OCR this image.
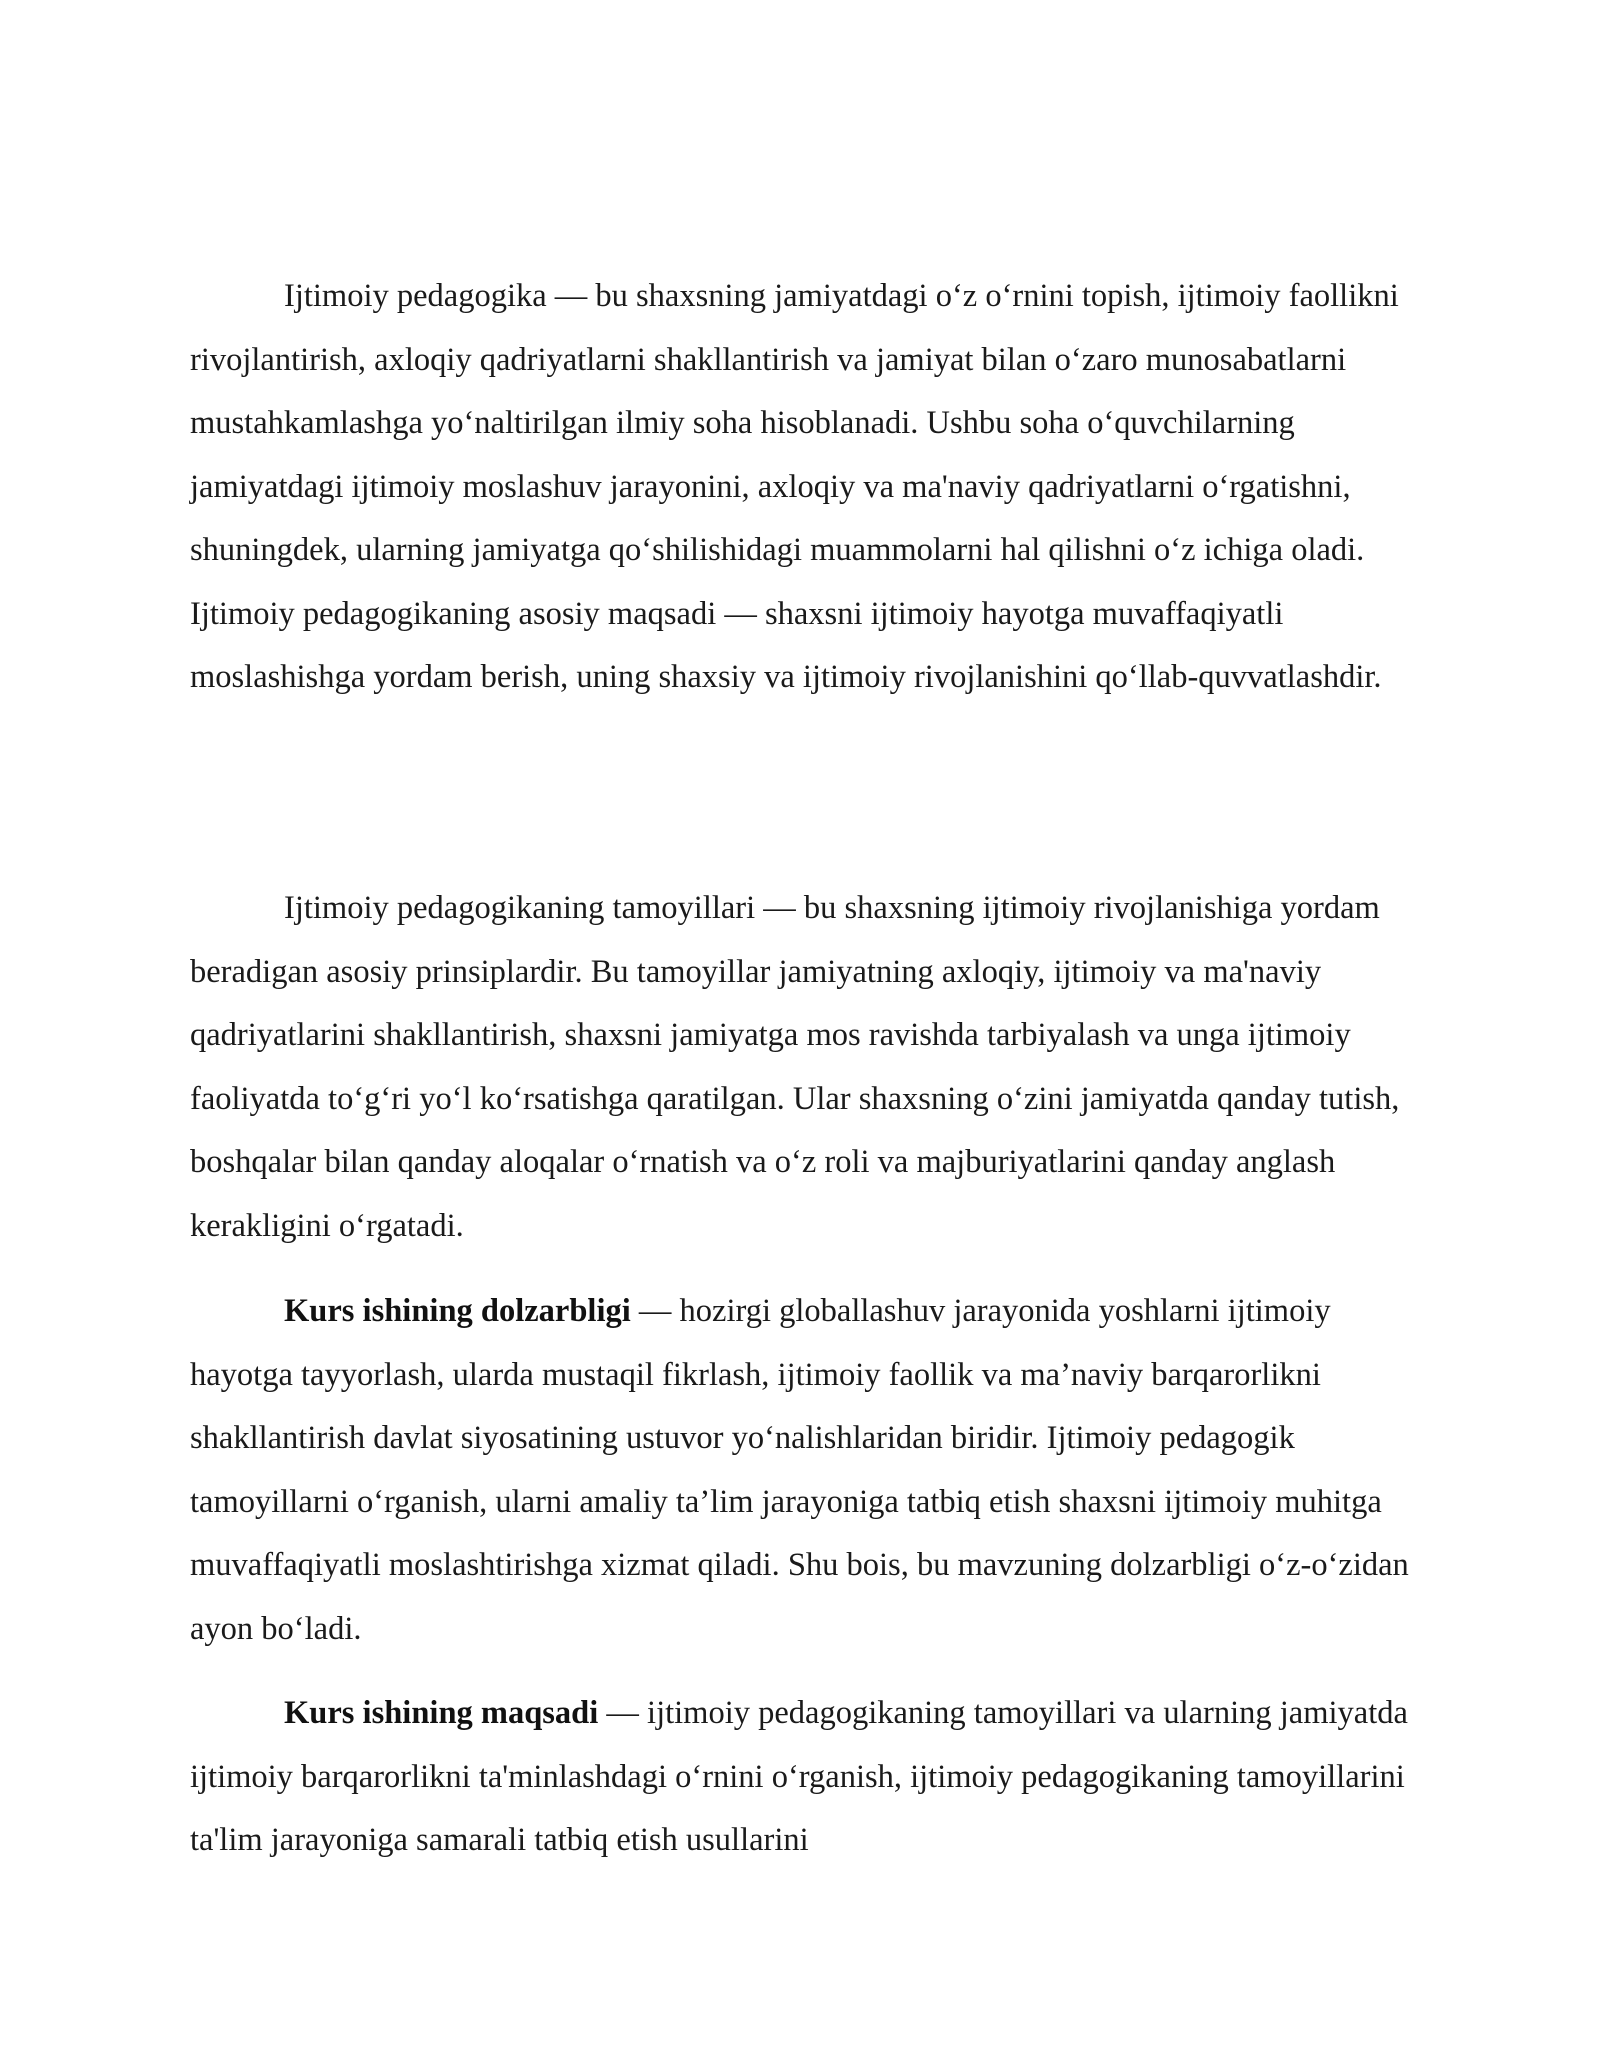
Ijtimoiy pedagogika — bu shaxsning jamiyatdagi o‘z o‘rnini topish, ijtimoiy faollikni rivojlantirish, axloqiy qadriyatlarni shakllantirish va jamiyat bilan o‘zaro munosabatlarni mustahkamlashga yo‘naltirilgan ilmiy soha hisoblanadi. Ushbu soha o‘quvchilarning jamiyatdagi ijtimoiy moslashuv jarayonini, axloqiy va ma'naviy qadriyatlarni o‘rgatishni, shuningdek, ularning jamiyatga qo‘shilishidagi muammolarni hal qilishni o‘z ichiga oladi. Ijtimoiy pedagogikaning asosiy maqsadi — shaxsni ijtimoiy hayotga muvaffaqiyatli moslashishga yordam berish, uning shaxsiy va ijtimoiy rivojlanishini qo‘llab-quvvatlashdir.

Ijtimoiy pedagogikaning tamoyillari — bu shaxsning ijtimoiy rivojlanishiga yordam beradigan asosiy prinsiplardir. Bu tamoyillar jamiyatning axloqiy, ijtimoiy va ma'naviy qadriyatlarini shakllantirish, shaxsni jamiyatga mos ravishda tarbiyalash va unga ijtimoiy faoliyatda to‘g‘ri yo‘l ko‘rsatishga qaratilgan. Ular shaxsning o‘zini jamiyatda qanday tutish, boshqalar bilan qanday aloqalar o‘rnatish va o‘z roli va majburiyatlarini qanday anglash kerakligini o‘rgatadi.

Kurs ishining dolzarbligi — hozirgi globallashuv jarayonida yoshlarni ijtimoiy hayotga tayyorlash, ularda mustaqil fikrlash, ijtimoiy faollik va ma’naviy barqarorlikni shakllantirish davlat siyosatining ustuvor yo‘nalishlaridan biridir. Ijtimoiy pedagogik tamoyillarni o‘rganish, ularni amaliy ta’lim jarayoniga tatbiq etish shaxsni ijtimoiy muhitga muvaffaqiyatli moslashtirishga xizmat qiladi. Shu bois, bu mavzuning dolzarbligi o‘z-o‘zidan ayon bo‘ladi.

Kurs ishining maqsadi — ijtimoiy pedagogikaning tamoyillari va ularning jamiyatda ijtimoiy barqarorlikni ta'minlashdagi o‘rnini o‘rganish, ijtimoiy pedagogikaning tamoyillarini ta'lim jarayoniga samarali tatbiq etish usullarini
